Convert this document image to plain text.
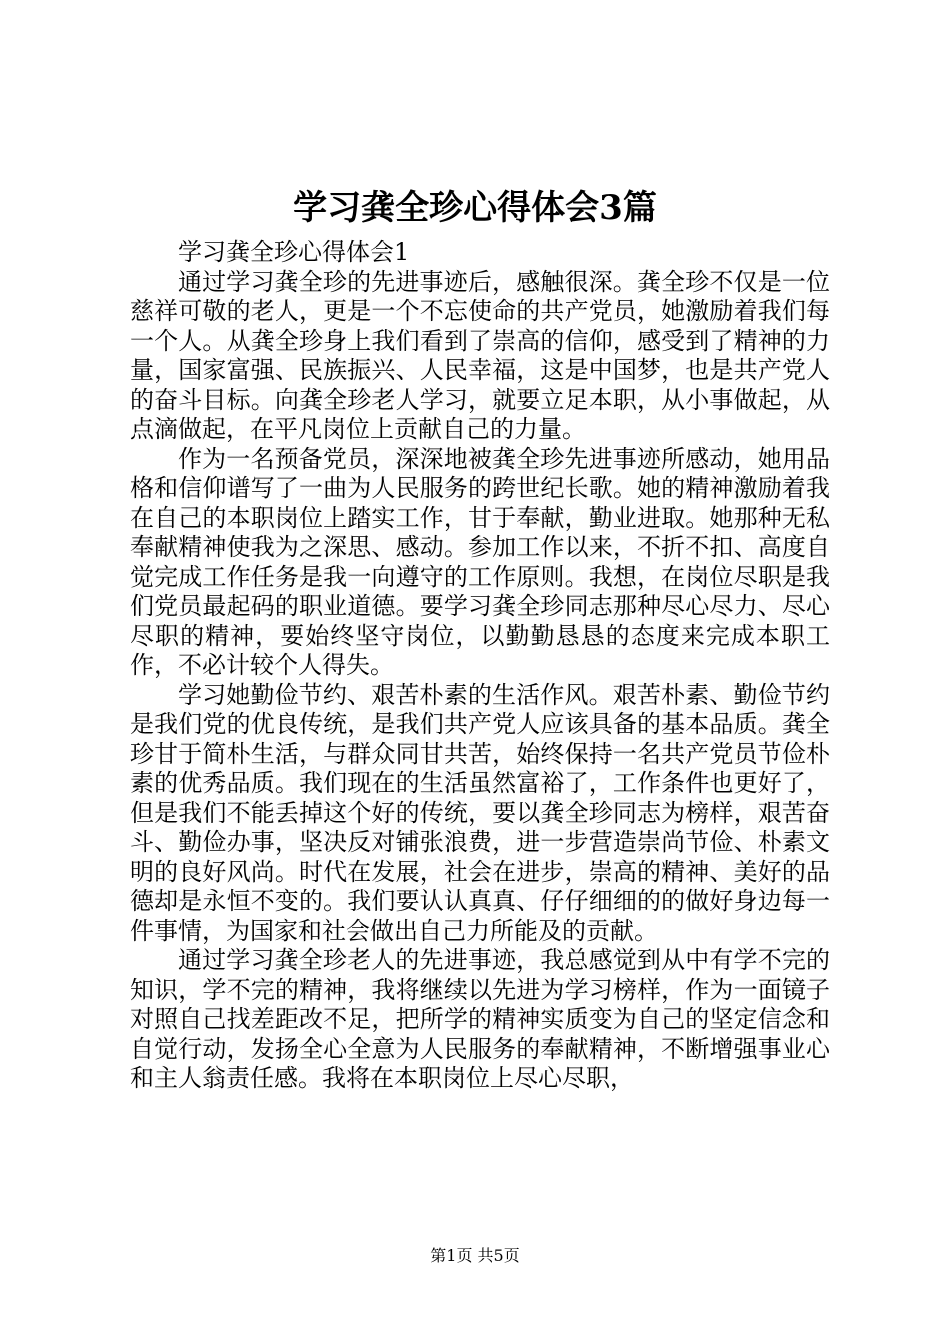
学习龚全珍心得体会3篇

学习龚全珍心得体会1

通过学习龚全珍的先进事迹后，感触很深。龚全珍不仅是一位慈祥可敬的老人，更是一个不忘使命的共产党员，她激励着我们每一个人。从龚全珍身上我们看到了崇高的信仰，感受到了精神的力量，国家富强、民族振兴、人民幸福，这是中国梦，也是共产党人的奋斗目标。向龚全珍老人学习，就要立足本职，从小事做起，从点滴做起，在平凡岗位上贡献自己的力量。

作为一名预备党员，深深地被龚全珍先进事迹所感动，她用品格和信仰谱写了一曲为人民服务的跨世纪长歌。她的精神激励着我在自己的本职岗位上踏实工作，甘于奉献，勤业进取。她那种无私奉献精神使我为之深思、感动。参加工作以来，不折不扣、高度自觉完成工作任务是我一向遵守的工作原则。我想，在岗位尽职是我们党员最起码的职业道德。要学习龚全珍同志那种尽心尽力、尽心尽职的精神，要始终坚守岗位，以勤勤恳恳的态度来完成本职工作，不必计较个人得失。

学习她勤俭节约、艰苦朴素的生活作风。艰苦朴素、勤俭节约是我们党的优良传统，是我们共产党人应该具备的基本品质。龚全珍甘于简朴生活，与群众同甘共苦，始终保持一名共产党员节俭朴素的优秀品质。我们现在的生活虽然富裕了，工作条件也更好了，但是我们不能丢掉这个好的传统，要以龚全珍同志为榜样，艰苦奋斗、勤俭办事，坚决反对铺张浪费，进一步营造崇尚节俭、朴素文明的良好风尚。时代在发展，社会在进步，崇高的精神、美好的品德却是永恒不变的。我们要认认真真、仔仔细细的的做好身边每一件事情，为国家和社会做出自己力所能及的贡献。

通过学习龚全珍老人的先进事迹，我总感觉到从中有学不完的知识，学不完的精神，我将继续以先进为学习榜样，作为一面镜子对照自己找差距改不足，把所学的精神实质变为自己的坚定信念和自觉行动，发扬全心全意为人民服务的奉献精神，不断增强事业心和主人翁责任感。我将在本职岗位上尽心尽职，

第1页 共5页
